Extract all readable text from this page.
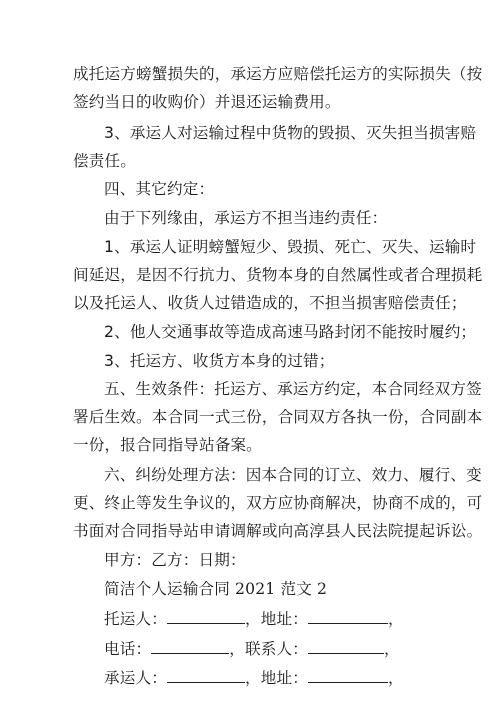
成托运方螃蟹损失的，承运方应赔偿托运方的实际损失（按
签约当日的收购价）并退还运输费用。
3、承运人对运输过程中货物的毁损、灭失担当损害赔
偿责任。
四、其它约定：
由于下列缘由，承运方不担当违约责任：
1、承运人证明螃蟹短少、毁损、死亡、灭失、运输时
间延迟，是因不行抗力、货物本身的自然属性或者合理损耗
以及托运人、收货人过错造成的，不担当损害赔偿责任；
2、他人交通事故等造成高速马路封闭不能按时履约；
3、托运方、收货方本身的过错；
五、生效条件：托运方、承运方约定，本合同经双方签
署后生效。本合同一式三份，合同双方各执一份，合同副本
一份，报合同指导站备案。
六、纠纷处理方法：因本合同的订立、效力、履行、变
更、终止等发生争议的，双方应协商解决，协商不成的，可
书面对合同指导站申请调解或向高淳县人民法院提起诉讼。
甲方：乙方：日期：
简洁个人运输合同 2021 范文 2
托运人：	，地址：	，
电话：	，联系人：	，
承运人：	，地址：	，
